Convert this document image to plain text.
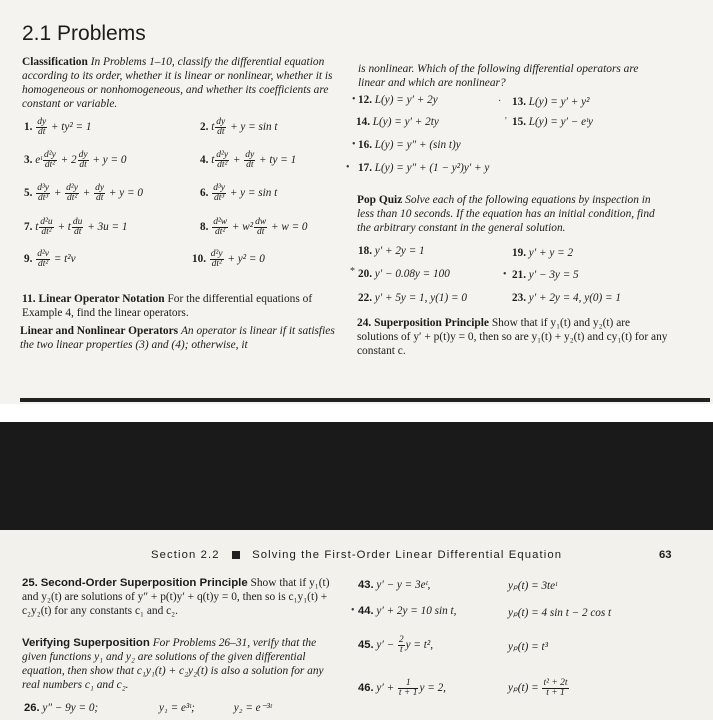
2.1 Problems
Classification In Problems 1–10, classify the differential equation according to its order, whether it is linear or nonlinear, whether it is homogeneous or nonhomogeneous, and whether its coefficients are constant or variable.
1. $\frac{dy}{dt} + ty^2 = 1$	2. t $\frac{dy}{dt} + y = \sin t$
3. eᵗ $\frac{\text{d²y}}{\text{dt²}} + 2 \frac{dy}{dt} + y = 0$	4. t $\frac{\text{d²y}}{\text{dt²}} + \frac{dy}{dt}$ + ty = 1
5. $\frac{\text{d³y}}{\text{dt³}} + \frac{\text{d²y}}{\text{dt²}} + \frac{dy}{dt} + y = 0$	6. $\frac{\text{d³y}}{\text{dt³}} + y = \sin t$
7. t $\frac{\text{d²u}}{\text{dt²}} + t \frac{du}{dt} + 3u = 1$	8. $\frac{\text{d²w}}{\text{dt²}} + w^2 \frac{dw}{dt} + w = 0$
9. $\frac{\text{d²v}}{\text{dt²}} = t^2v$	10. $\frac{\text{d²y}}{\text{dt²}} + y^2 = 0$
11. Linear Operator Notation For the differential equations of Example 4, find the linear operators.
Linear and Nonlinear Operators An operator is linear if it satisfies the two linear properties (3) and (4); otherwise, it
is nonlinear. Which of the following differential operators are linear and which are nonlinear?
• 12. L(y) = y′ + 2y	· 13. L(y) = y′ + y²
14. L(y) = y′ + 2ty	' 15. L(y) = y′ − eᵗy
• 16. L(y) = y″ + (sin t)y
• 17. L(y) = y″ + (1 − y²)y′ + y
Pop Quiz Solve each of the following equations by inspection in less than 10 seconds. If the equation has an initial condition, find the arbitrary constant in the general solution.
18. y′ + 2y = 1	19. y′ + y = 2
* 20. y′ − 0.08y = 100	• 21. y′ − 3y = 5
22. y′ + 5y = 1, y(1) = 0	23. y′ + 2y = 4, y(0) = 1
24. Superposition Principle Show that if y₁(t) and y₂(t) are solutions of y′ + p(t)y = 0, then so are y₁(t) + y₂(t) and cy₁(t) for any constant c.
Section 2.2	Solving the First-Order Linear Differential Equation	63
25. Second-Order Superposition Principle Show that if y₁(t) and y₂(t) are solutions of y″ + p(t)y′ + q(t)y = 0, then so is c₁y₁(t) + c₂y₂(t) for any constants c₁ and c₂.
Verifying Superposition For Problems 26–31, verify that the given functions y₁ and y₂ are solutions of the given differential equation, then show that c₁y₁(t) + c₂y₂(t) is also a solution for any real numbers c₁ and c₂.
26. y″ − 9y = 0;	y₁ = e³ᵗ;	y₂ = e⁻³ᵗ
43. y′ − y = 3eᵗ,	yₚ(t) = 3teᵗ
• 44. y′ + 2y = 10 sin t,	yₚ(t) = 4 sin t − 2 cos t
45. $y' - \frac{2}{t}$ y = t²,	yₚ(t) = t³
46. $y' + \frac{1}{t + 1}$ y = 2,	$y_p(t) = \frac{\text{t² + 2t}}{t + 1}$
